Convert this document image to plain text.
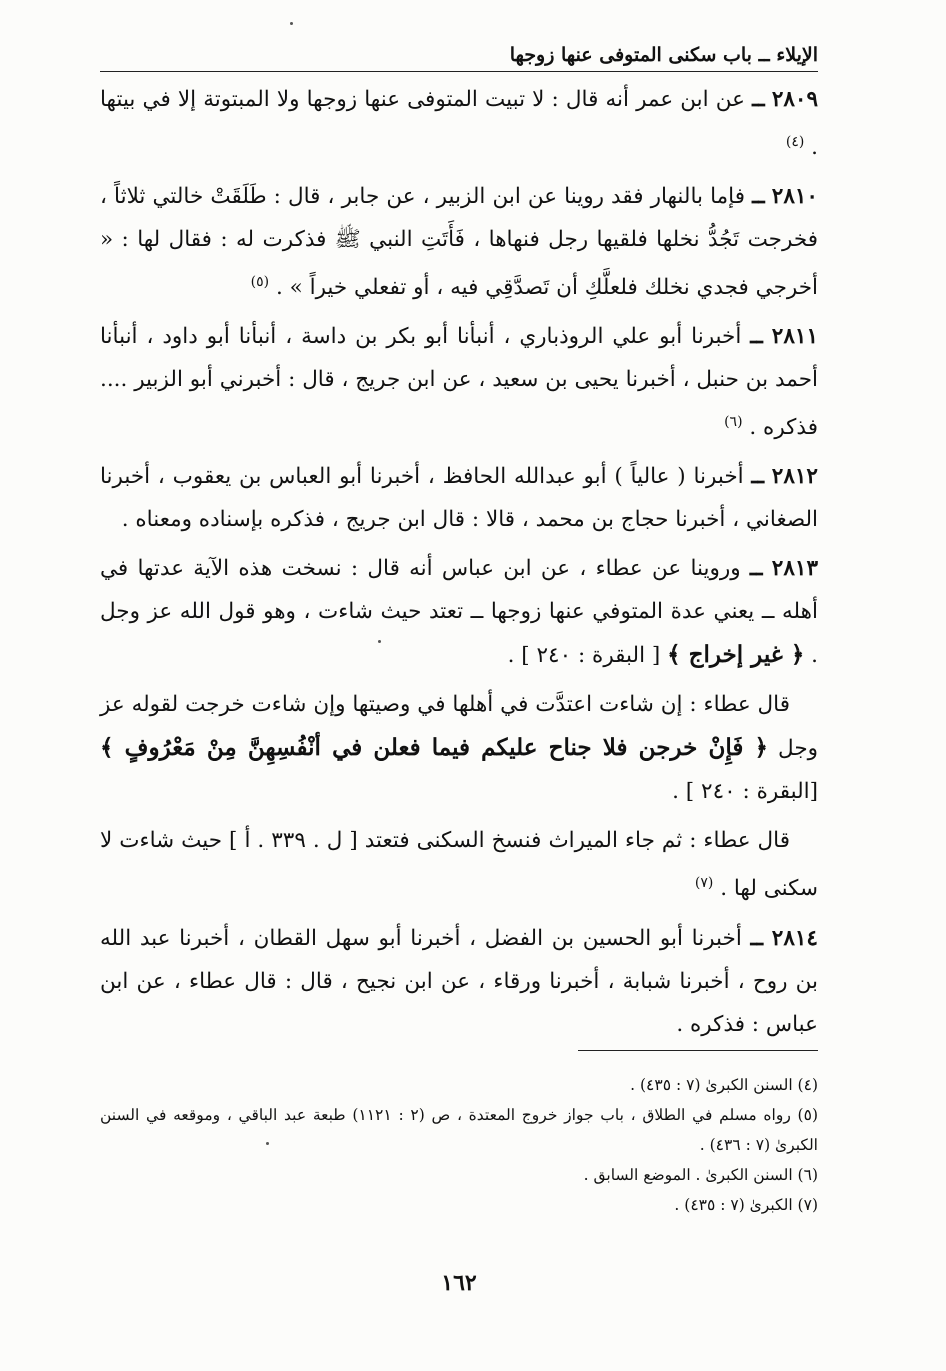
الإيلاء ــ باب سكنى المتوفى عنها زوجها

٢٨٠٩ ــ عن ابن عمر أنه قال : لا تبيت المتوفى عنها زوجها ولا المبتوتة إلا في بيتها . $^{(٤)}$

٢٨١٠ ــ فإما بالنهار فقد روينا عن ابن الزبير ، عن جابر ، قال : طَلَقَتْ خالتي ثلاثاً ، فخرجت تَجُدُّ نخلها فلقيها رجل فنهاها ، فَأَتَتِ النبي ﷺ فذكرت له : فقال لها : « أخرجي فجدي نخلك فلعلَّكِ أن تَصدَّقِي فيه ، أو تفعلي خيراً » . $^{(٥)}$

٢٨١١ ــ أخبرنا أبو علي الروذباري ، أنبأنا أبو بكر بن داسة ، أنبأنا أبو داود ، أنبأنا أحمد بن حنبل ، أخبرنا يحيى بن سعيد ، عن ابن جريج ، قال : أخبرني أبو الزبير .... فذكره . $^{(٦)}$

٢٨١٢ ــ أخبرنا ( عالياً ) أبو عبدالله الحافظ ، أخبرنا أبو العباس بن يعقوب ، أخبرنا الصغاني ، أخبرنا حجاج بن محمد ، قالا : قال ابن جريج ، فذكره بإسناده ومعناه .

٢٨١٣ ــ وروينا عن عطاء ، عن ابن عباس أنه قال : نسخت هذه الآية عدتها في أهله ــ يعني عدة المتوفي عنها زوجها ــ تعتد حيث شاءت ، وهو قول الله عز وجل . ﴿ غير إخراج ﴾ [ البقرة : ٢٤٠ ] .

قال عطاء : إن شاءت اعتدَّت في أهلها في وصيتها وإن شاءت خرجت لقوله عز وجل ﴿ فَإِنْ خرجن فلا جناح عليكم فيما فعلن في أنْفُسِهِنَّ مِنْ مَعْرُوفٍ ﴾ [البقرة : ٢٤٠ ] .

قال عطاء : ثم جاء الميراث فنسخ السكنى فتعتد [ ل . ٣٣٩ . أ ] حيث شاءت لا سكنى لها . $^{(٧)}$

٢٨١٤ ــ أخبرنا أبو الحسين بن الفضل ، أخبرنا أبو سهل القطان ، أخبرنا عبد الله بن روح ، أخبرنا شبابة ، أخبرنا ورقاء ، عن ابن نجيح ، قال : قال عطاء ، عن ابن عباس : فذكره .

(٤) السنن الكبرىٰ (٧ : ٤٣٥) .
(٥) رواه مسلم في الطلاق ، باب جواز خروج المعتدة ، ص (٢ : ١١٢١) طبعة عبد الباقي ، وموقعه في السنن الكبرىٰ (٧ : ٤٣٦) .
(٦) السنن الكبرىٰ . الموضع السابق .
(٧) الكبرىٰ (٧ : ٤٣٥) .
١٦٢
